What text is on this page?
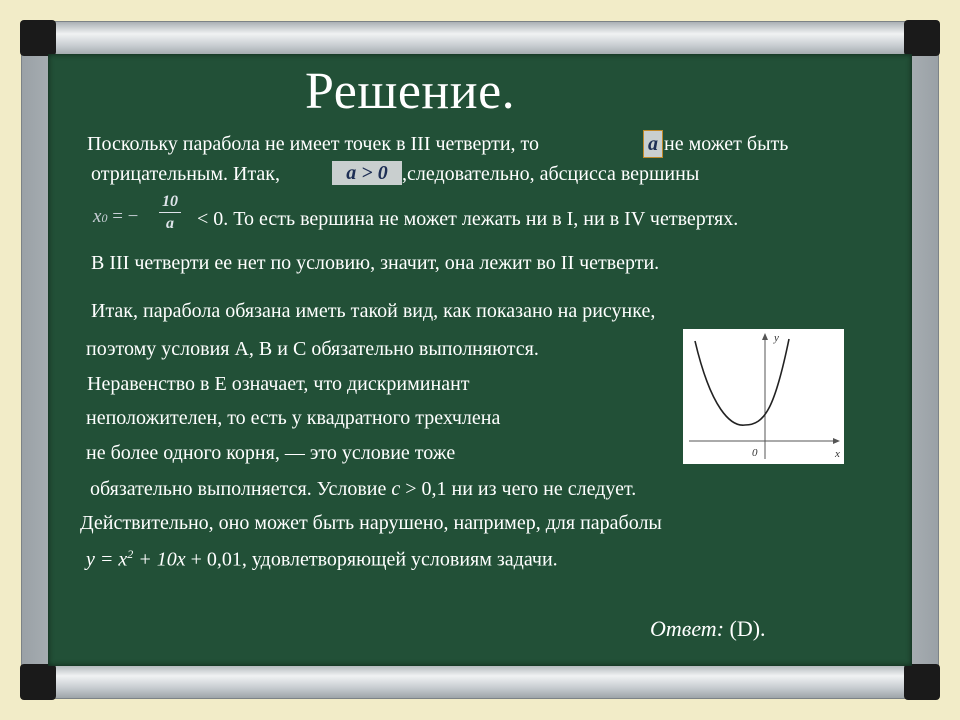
Решение.
Поскольку парабола не имеет точек в III четверти, то	a не может быть
отрицательным. Итак,	a > 0 ,следовательно, абсцисса вершины
x0 = −
10
a	< 0. То есть вершина не может лежать ни в I, ни в IV четвертях.
В III четверти ее нет по условию, значит, она лежит во II четверти.
Итак, парабола обязана иметь такой вид, как показано на рисунке,
поэтому условия А, В и С обязательно выполняются.
Неравенство в Е означает, что дискриминант
неположителен, то есть у квадратного трехчлена
не более одного корня, — это условие тоже
обязательно выполняется. Условие c > 0,1 ни из чего не следует.
Действительно, оно может быть нарушено, например, для параболы
$y = x^2 + 10x + 0,01$, удовлетворяющей условиям задачи.
y
x
0
Ответ: (D).
